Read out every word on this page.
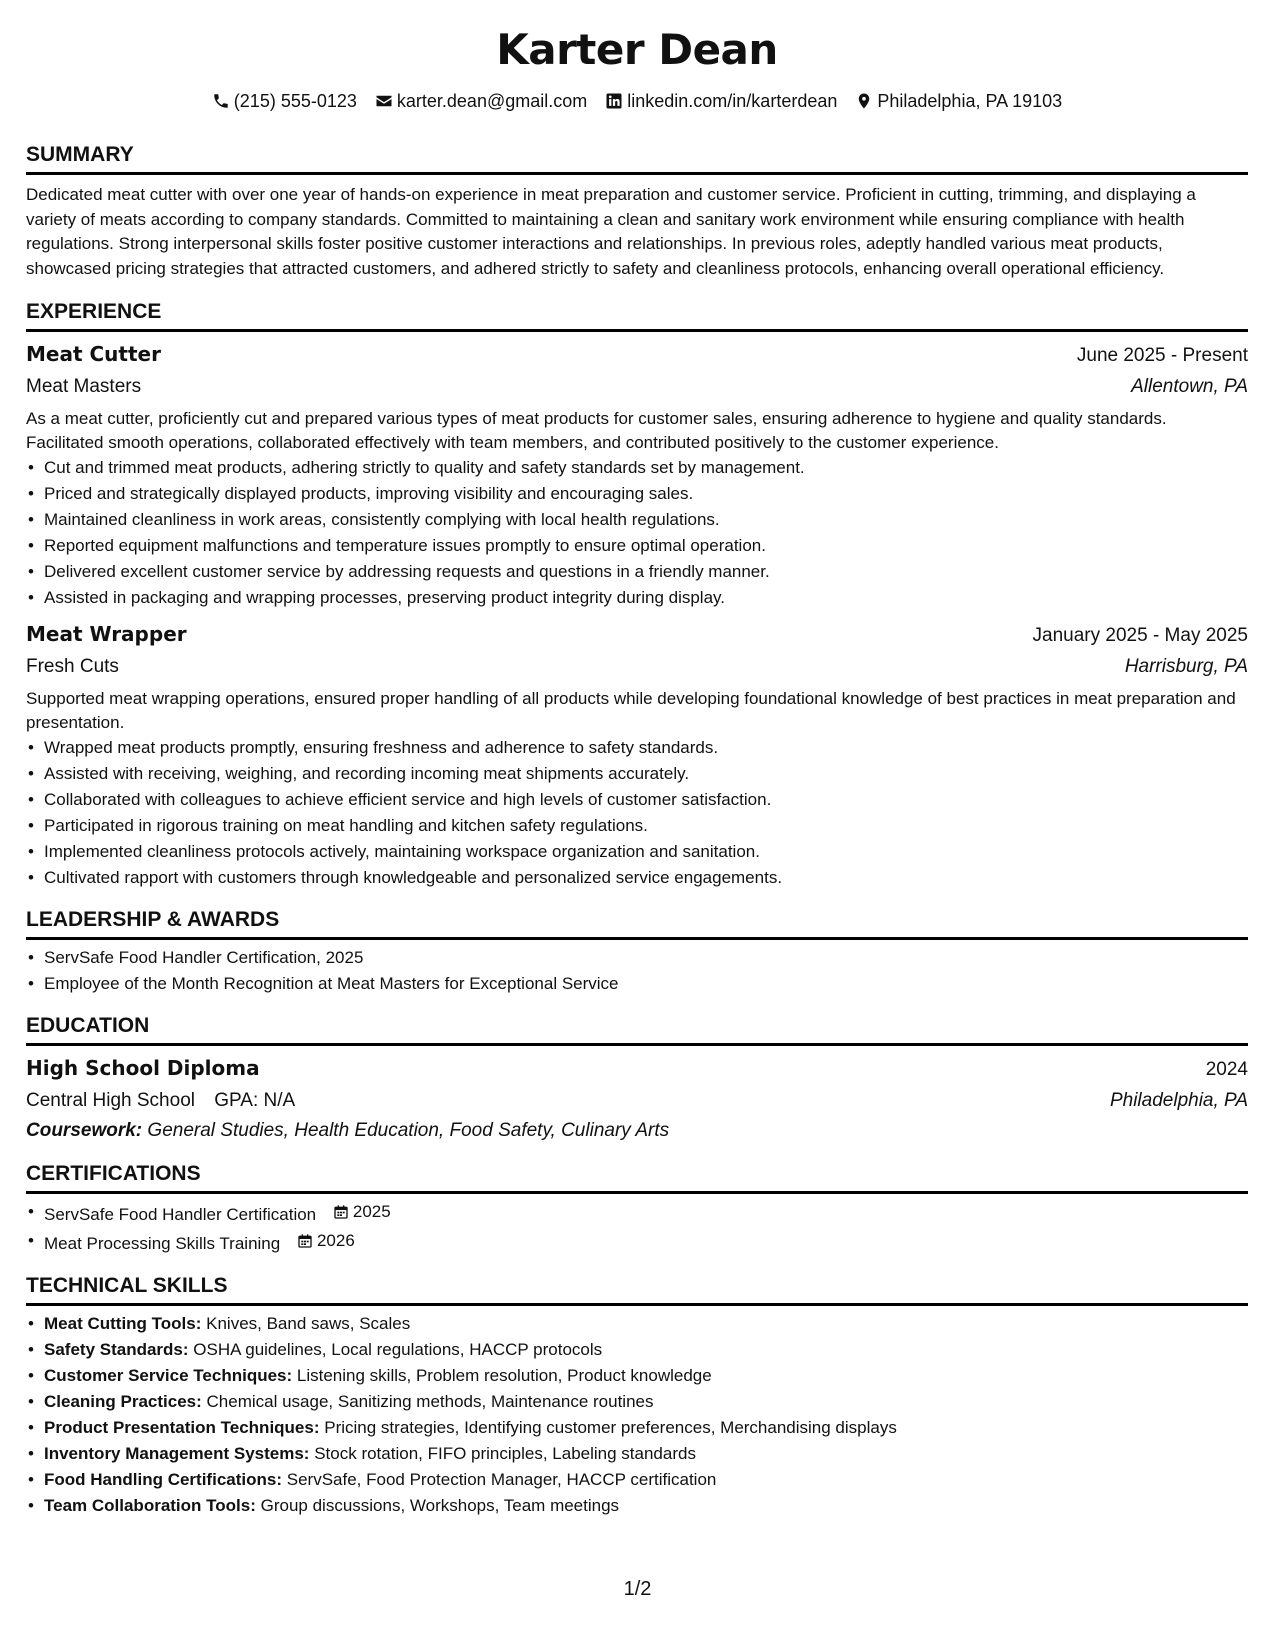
Karter Dean
(215) 555-0123 karter.dean@gmail.com linkedin.com/in/karterdean Philadelphia, PA 19103
SUMMARY
Dedicated meat cutter with over one year of hands-on experience in meat preparation and customer service. Proficient in cutting, trimming, and displaying a variety of meats according to company standards. Committed to maintaining a clean and sanitary work environment while ensuring compliance with health regulations. Strong interpersonal skills foster positive customer interactions and relationships. In previous roles, adeptly handled various meat products, showcased pricing strategies that attracted customers, and adhered strictly to safety and cleanliness protocols, enhancing overall operational efficiency.
EXPERIENCE
Meat Cutter	June 2025 - Present
Meat Masters	Allentown, PA
As a meat cutter, proficiently cut and prepared various types of meat products for customer sales, ensuring adherence to hygiene and quality standards. Facilitated smooth operations, collaborated effectively with team members, and contributed positively to the customer experience.
• Cut and trimmed meat products, adhering strictly to quality and safety standards set by management.
• Priced and strategically displayed products, improving visibility and encouraging sales.
• Maintained cleanliness in work areas, consistently complying with local health regulations.
• Reported equipment malfunctions and temperature issues promptly to ensure optimal operation.
• Delivered excellent customer service by addressing requests and questions in a friendly manner.
• Assisted in packaging and wrapping processes, preserving product integrity during display.
Meat Wrapper	January 2025 - May 2025
Fresh Cuts	Harrisburg, PA
Supported meat wrapping operations, ensured proper handling of all products while developing foundational knowledge of best practices in meat preparation and presentation.
• Wrapped meat products promptly, ensuring freshness and adherence to safety standards.
• Assisted with receiving, weighing, and recording incoming meat shipments accurately.
• Collaborated with colleagues to achieve efficient service and high levels of customer satisfaction.
• Participated in rigorous training on meat handling and kitchen safety regulations.
• Implemented cleanliness protocols actively, maintaining workspace organization and sanitation.
• Cultivated rapport with customers through knowledgeable and personalized service engagements.
LEADERSHIP & AWARDS
• ServSafe Food Handler Certification, 2025
• Employee of the Month Recognition at Meat Masters for Exceptional Service
EDUCATION
High School Diploma	2024
Central High School GPA: N/A	Philadelphia, PA
Coursework: General Studies, Health Education, Food Safety, Culinary Arts
CERTIFICATIONS
• ServSafe Food Handler Certification 2025
• Meat Processing Skills Training 2026
TECHNICAL SKILLS
• Meat Cutting Tools: Knives, Band saws, Scales
• Safety Standards: OSHA guidelines, Local regulations, HACCP protocols
• Customer Service Techniques: Listening skills, Problem resolution, Product knowledge
• Cleaning Practices: Chemical usage, Sanitizing methods, Maintenance routines
• Product Presentation Techniques: Pricing strategies, Identifying customer preferences, Merchandising displays
• Inventory Management Systems: Stock rotation, FIFO principles, Labeling standards
• Food Handling Certifications: ServSafe, Food Protection Manager, HACCP certification
• Team Collaboration Tools: Group discussions, Workshops, Team meetings
1/2
